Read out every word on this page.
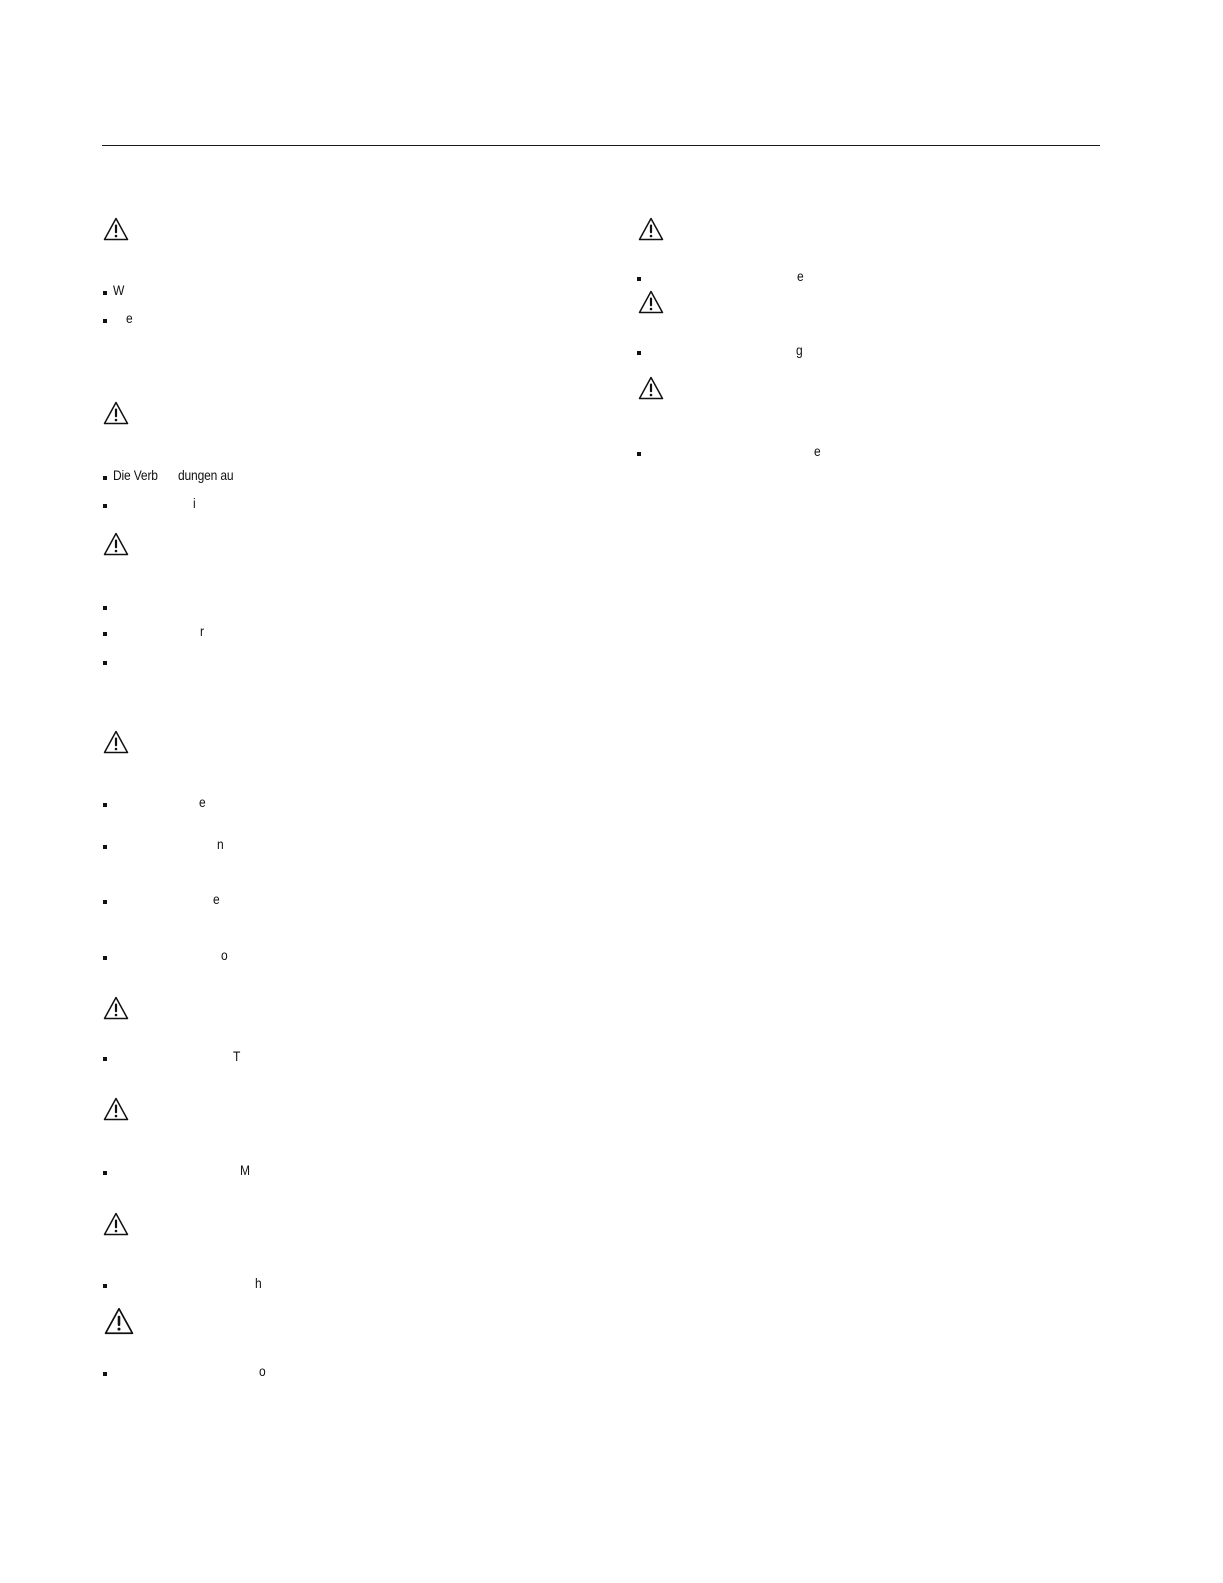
W
e
Die Verb dungen au
i
r
e
n
e
o
T
M
h
o
e
g
e
